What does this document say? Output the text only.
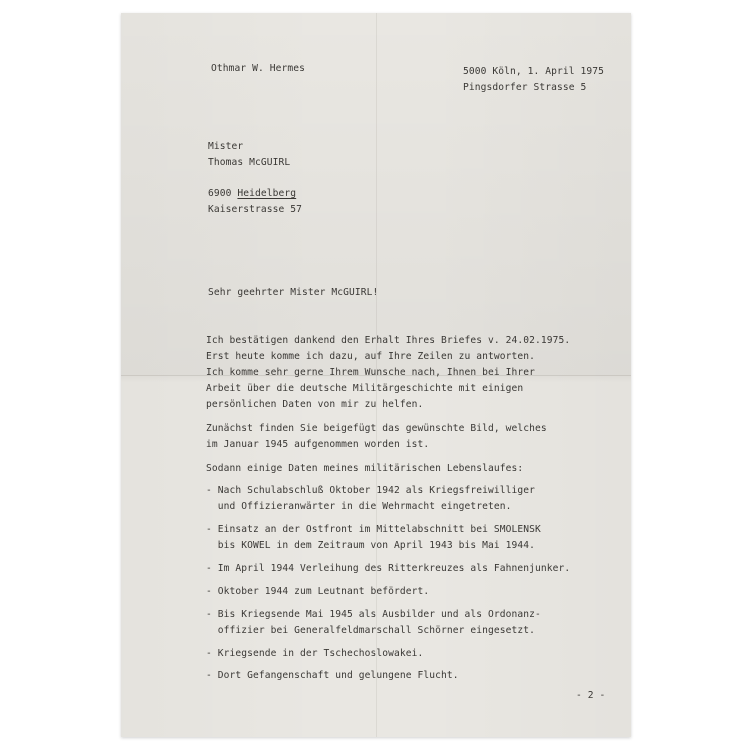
Othmar W. Hermes	5000 Köln, 1. April 1975
Pingsdorfer Strasse 5
Mister
Thomas McGUIRL
6900 Heidelberg
Kaiserstrasse 57
Sehr geehrter Mister McGUIRL!
Ich bestätigen dankend den Erhalt Ihres Briefes v. 24.02.1975.
Erst heute komme ich dazu, auf Ihre Zeilen zu antworten.
Ich komme sehr gerne Ihrem Wunsche nach, Ihnen bei Ihrer
Arbeit über die deutsche Militärgeschichte mit einigen
persönlichen Daten von mir zu helfen.
Zunächst finden Sie beigefügt das gewünschte Bild, welches
im Januar 1945 aufgenommen worden ist.
Sodann einige Daten meines militärischen Lebenslaufes:
- Nach Schulabschluß Oktober 1942 als Kriegsfreiwilliger
und Offizieranwärter in die Wehrmacht eingetreten.
- Einsatz an der Ostfront im Mittelabschnitt bei SMOLENSK
bis KOWEL in dem Zeitraum von April 1943 bis Mai 1944.
- Im April 1944 Verleihung des Ritterkreuzes als Fahnenjunker.
- Oktober 1944 zum Leutnant befördert.
- Bis Kriegsende Mai 1945 als Ausbilder und als Ordonanz-
offizier bei Generalfeldmarschall Schörner eingesetzt.
- Kriegsende in der Tschechoslowakei.
- Dort Gefangenschaft und gelungene Flucht.
- 2 -
